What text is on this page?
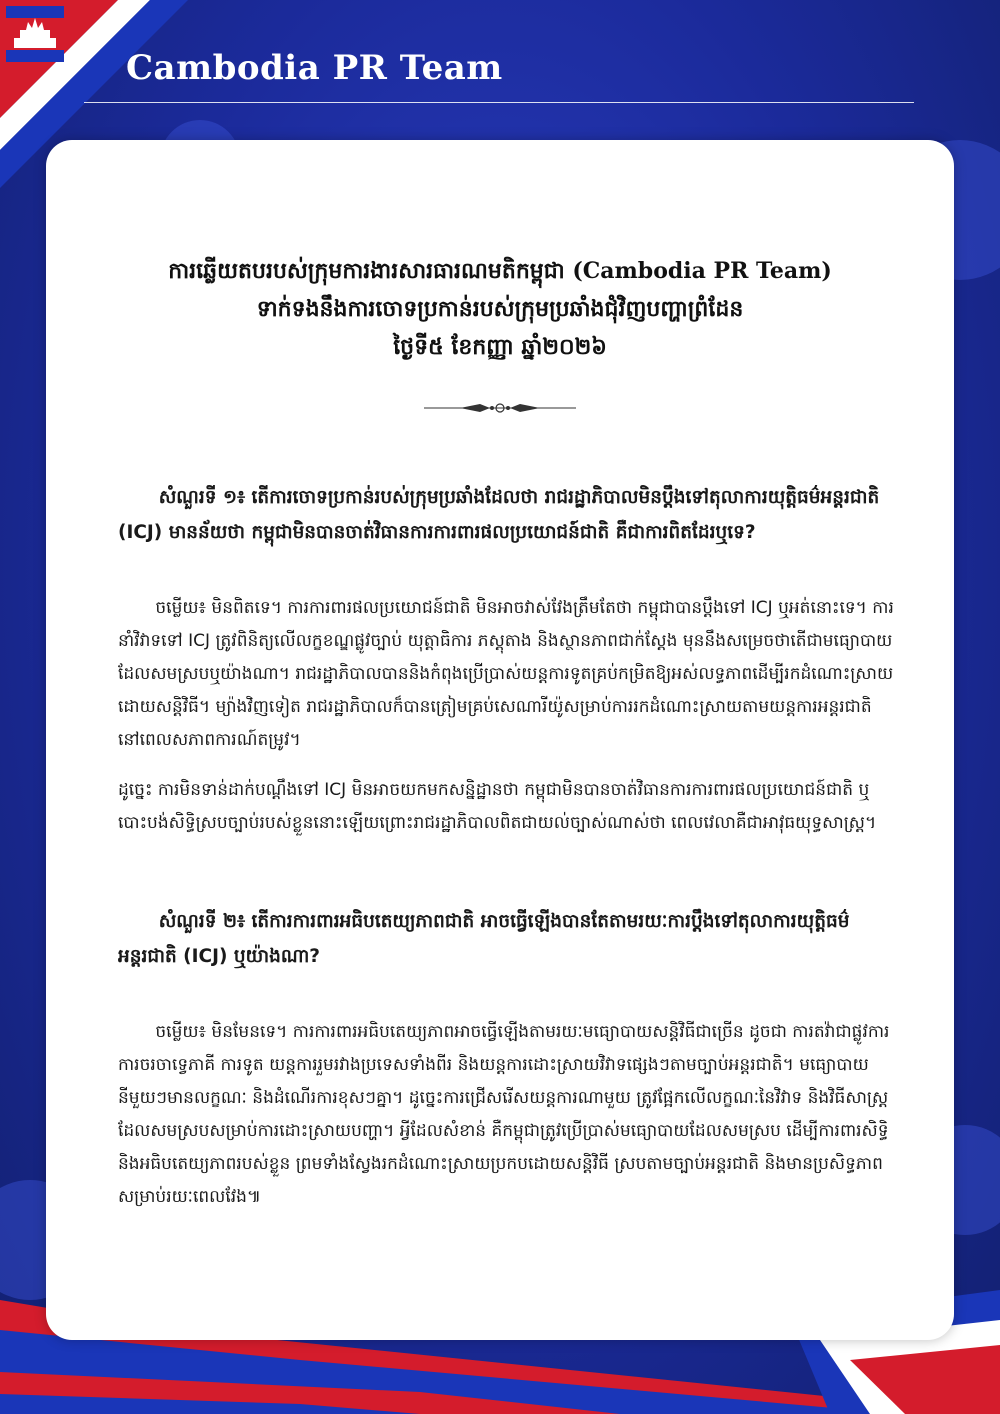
Cambodia PR Team
ការឆ្លើយតបរបស់ក្រុមការងារសារធារណមតិកម្ពុជា (Cambodia PR Team)
ទាក់ទងនឹងការចោទប្រកាន់របស់ក្រុមប្រឆាំងជុំវិញបញ្ហាព្រំដែន
ថ្ងៃទី៥ ខែកញ្ញា ឆ្នាំ២០២៦

សំណួរទី ១៖ តើការចោទប្រកាន់របស់ក្រុមប្រឆាំងដែលថា រាជរដ្ឋាភិបាលមិនប្តឹងទៅតុលាការយុត្តិធម៌អន្តរជាតិ (ICJ) មានន័យថា កម្ពុជាមិនបានចាត់វិធានការការពារផលប្រយោជន៍ជាតិ គឺជាការពិតដែរឬទេ?

ចម្លើយ៖ មិនពិតទេ។ ការការពារផលប្រយោជន៍ជាតិ មិនអាចវាស់វែងត្រឹមតែថា កម្ពុជាបានប្តឹងទៅ ICJ ឬអត់នោះទេ។ ការនាំវិវាទទៅ ICJ ត្រូវពិនិត្យលើលក្ខខណ្ឌផ្លូវច្បាប់ យុត្តាធិការ ភស្តុតាង និងស្ថានភាពជាក់ស្តែង មុននឹងសម្រេចថាតើជាមធ្យោបាយដែលសមស្របឬយ៉ាងណា។ រាជរដ្ឋាភិបាលបាននិងកំពុងប្រើប្រាស់យន្តការទូតគ្រប់កម្រិតឱ្យអស់លទ្ធភាពដើម្បីរកដំណោះស្រាយដោយសន្តិវិធី។ ម្យ៉ាងវិញទៀត រាជរដ្ឋាភិបាលក៏បានត្រៀមគ្រប់សេណារីយ៉ូសម្រាប់ការរកដំណោះស្រាយតាមយន្តការអន្តរជាតិនៅពេលសភាពការណ៍តម្រូវ។

ដូច្នេះ ការមិនទាន់ដាក់បណ្តឹងទៅ ICJ មិនអាចយកមកសន្និដ្ឋានថា កម្ពុជាមិនបានចាត់វិធានការការពារផលប្រយោជន៍ជាតិ ឬបោះបង់សិទ្ធិស្របច្បាប់របស់ខ្លួននោះឡើយព្រោះរាជរដ្ឋាភិបាលពិតជាយល់ច្បាស់ណាស់ថា ពេលវេលាគឺជាអាវុធយុទ្ធសាស្ត្រ។

សំណួរទី ២៖ តើការការពារអធិបតេយ្យភាពជាតិ អាចធ្វើឡើងបានតែតាមរយៈការប្តឹងទៅតុលាការយុត្តិធម៌អន្តរជាតិ (ICJ) ឬយ៉ាងណា?

ចម្លើយ៖ មិនមែនទេ។ ការការពារអធិបតេយ្យភាពអាចធ្វើឡើងតាមរយៈមធ្យោបាយសន្តិវិធីជាច្រើន ដូចជា ការតវ៉ាជាផ្លូវការ ការចរចាទ្វេភាគី ការទូត យន្តការរួមរវាងប្រទេសទាំងពីរ និងយន្តការដោះស្រាយវិវាទផ្សេងៗតាមច្បាប់អន្តរជាតិ។ មធ្យោបាយនីមួយៗមានលក្ខណៈ និងដំណើរការខុសៗគ្នា។ ដូច្នេះការជ្រើសរើសយន្តការណាមួយ ត្រូវផ្អែកលើលក្ខណៈនៃវិវាទ និងវិធីសាស្ត្រដែលសមស្របសម្រាប់ការដោះស្រាយបញ្ហា។ អ្វីដែលសំខាន់ គឺកម្ពុជាត្រូវប្រើប្រាស់មធ្យោបាយដែលសមស្រប ដើម្បីការពារសិទ្ធិ និងអធិបតេយ្យភាពរបស់ខ្លួន ព្រមទាំងស្វែងរកដំណោះស្រាយប្រកបដោយសន្តិវិធី ស្របតាមច្បាប់អន្តរជាតិ និងមានប្រសិទ្ធភាពសម្រាប់រយៈពេលវែង៕
